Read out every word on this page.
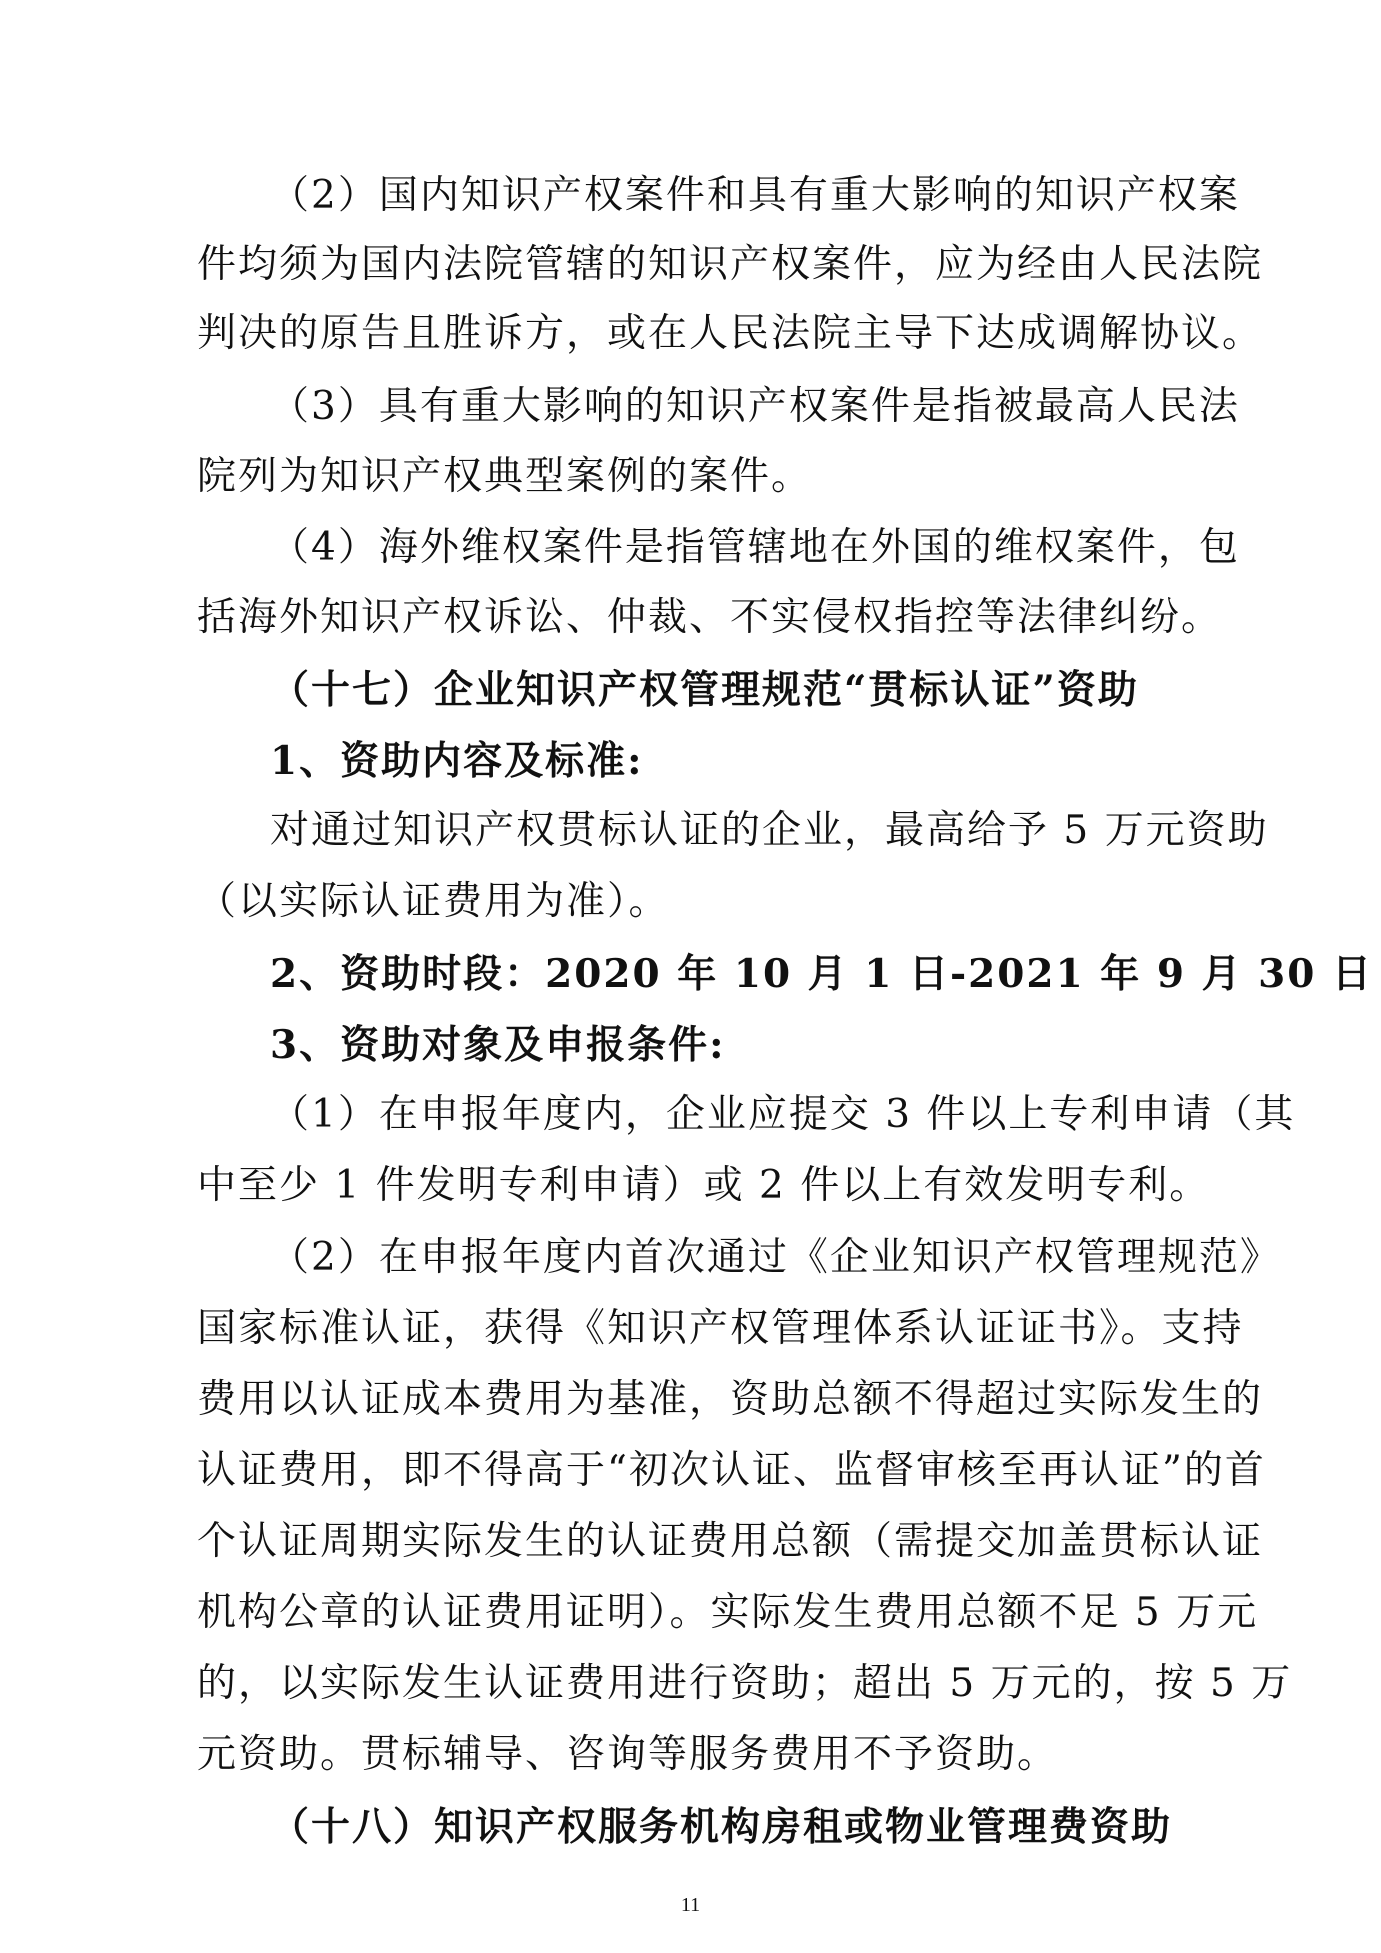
（2）国内知识产权案件和具有重大影响的知识产权案
件均须为国内法院管辖的知识产权案件，应为经由人民法院
判决的原告且胜诉方，或在人民法院主导下达成调解协议。
（3）具有重大影响的知识产权案件是指被最高人民法
院列为知识产权典型案例的案件。
（4）海外维权案件是指管辖地在外国的维权案件，包
括海外知识产权诉讼、仲裁、不实侵权指控等法律纠纷。
（十七）企业知识产权管理规范“贯标认证”资助
1、资助内容及标准:
对通过知识产权贯标认证的企业，最高给予 5 万元资助
（以实际认证费用为准）。
2、资助时段：2020 年 10 月 1 日-2021 年 9 月 30 日
3、资助对象及申报条件:
（1）在申报年度内，企业应提交 3 件以上专利申请（其
中至少 1 件发明专利申请）或 2 件以上有效发明专利。
（2）在申报年度内首次通过《企业知识产权管理规范》
国家标准认证，获得《知识产权管理体系认证证书》。支持
费用以认证成本费用为基准，资助总额不得超过实际发生的
认证费用，即不得高于“初次认证、监督审核至再认证”的首
个认证周期实际发生的认证费用总额（需提交加盖贯标认证
机构公章的认证费用证明）。实际发生费用总额不足 5 万元
的，以实际发生认证费用进行资助；超出 5 万元的，按 5 万
元资助。贯标辅导、咨询等服务费用不予资助。
（十八）知识产权服务机构房租或物业管理费资助
11
